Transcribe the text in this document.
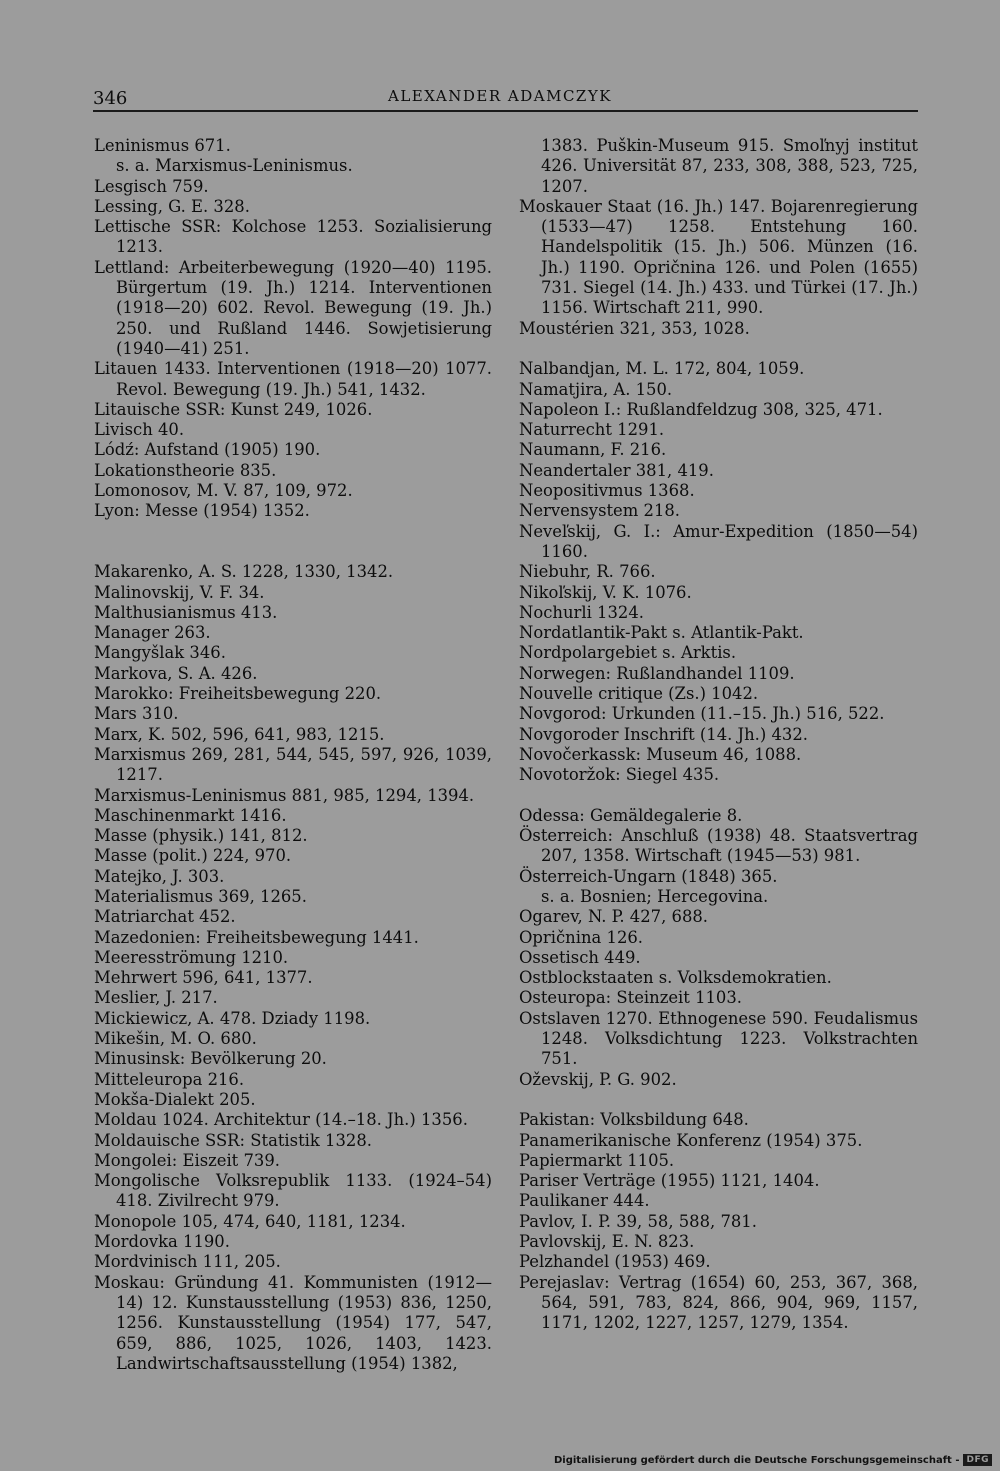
346	ALEXANDER ADAMCZYK
Leninismus 671.
s. a. Marxismus-Leninismus.
Lesgisch 759.
Lessing, G. E. 328.
Lettische SSR: Kolchose 1253. Sozialisierung 1213.
Lettland: Arbeiterbewegung (1920—40) 1195. Bürgertum (19. Jh.) 1214. Interventionen (1918—20) 602. Revol. Bewegung (19. Jh.) 250. und Rußland 1446. Sowjetisierung (1940—41) 251.
Litauen 1433. Interventionen (1918—20) 1077. Revol. Bewegung (19. Jh.) 541, 1432.
Litauische SSR: Kunst 249, 1026.
Livisch 40.
Lódź: Aufstand (1905) 190.
Lokationstheorie 835.
Lomonosov, M. V. 87, 109, 972.
Lyon: Messe (1954) 1352.
Makarenko, A. S. 1228, 1330, 1342.
Malinovskij, V. F. 34.
Malthusianismus 413.
Manager 263.
Mangyšlak 346.
Markova, S. A. 426.
Marokko: Freiheitsbewegung 220.
Mars 310.
Marx, K. 502, 596, 641, 983, 1215.
Marxismus 269, 281, 544, 545, 597, 926, 1039, 1217.
Marxismus-Leninismus 881, 985, 1294, 1394.
Maschinenmarkt 1416.
Masse (physik.) 141, 812.
Masse (polit.) 224, 970.
Matejko, J. 303.
Materialismus 369, 1265.
Matriarchat 452.
Mazedonien: Freiheitsbewegung 1441.
Meeresströmung 1210.
Mehrwert 596, 641, 1377.
Meslier, J. 217.
Mickiewicz, A. 478. Dziady 1198.
Mikešin, M. O. 680.
Minusinsk: Bevölkerung 20.
Mitteleuropa 216.
Mokša-Dialekt 205.
Moldau 1024. Architektur (14.–18. Jh.) 1356.
Moldauische SSR: Statistik 1328.
Mongolei: Eiszeit 739.
Mongolische Volksrepublik 1133. (1924–54) 418. Zivilrecht 979.
Monopole 105, 474, 640, 1181, 1234.
Mordovka 1190.
Mordvinisch 111, 205.
Moskau: Gründung 41. Kommunisten (1912—14) 12. Kunstausstellung (1953) 836, 1250, 1256. Kunstausstellung (1954) 177, 547, 659, 886, 1025, 1026, 1403, 1423. Landwirtschaftsausstellung (1954) 1382,
1383. Puškin-Museum 915. Smoľnyj institut 426. Universität 87, 233, 308, 388, 523, 725, 1207.
Moskauer Staat (16. Jh.) 147. Bojarenregierung (1533—47) 1258. Entstehung 160. Handelspolitik (15. Jh.) 506. Münzen (16. Jh.) 1190. Opričnina 126. und Polen (1655) 731. Siegel (14. Jh.) 433. und Türkei (17. Jh.) 1156. Wirtschaft 211, 990.
Moustérien 321, 353, 1028.
Nalbandjan, M. L. 172, 804, 1059.
Namatjira, A. 150.
Napoleon I.: Rußlandfeldzug 308, 325, 471.
Naturrecht 1291.
Naumann, F. 216.
Neandertaler 381, 419.
Neopositivmus 1368.
Nervensystem 218.
Neveľskij, G. I.: Amur-Expedition (1850—54) 1160.
Niebuhr, R. 766.
Nikoľskij, V. K. 1076.
Nochurli 1324.
Nordatlantik-Pakt s. Atlantik-Pakt.
Nordpolargebiet s. Arktis.
Norwegen: Rußlandhandel 1109.
Nouvelle critique (Zs.) 1042.
Novgorod: Urkunden (11.–15. Jh.) 516, 522.
Novgoroder Inschrift (14. Jh.) 432.
Novočerkassk: Museum 46, 1088.
Novotoržok: Siegel 435.
Odessa: Gemäldegalerie 8.
Österreich: Anschluß (1938) 48. Staatsvertrag 207, 1358. Wirtschaft (1945—53) 981.
Österreich-Ungarn (1848) 365.
s. a. Bosnien; Hercegovina.
Ogarev, N. P. 427, 688.
Opričnina 126.
Ossetisch 449.
Ostblockstaaten s. Volksdemokratien.
Osteuropa: Steinzeit 1103.
Ostslaven 1270. Ethnogenese 590. Feudalismus 1248. Volksdichtung 1223. Volkstrachten 751.
Oževskij, P. G. 902.
Pakistan: Volksbildung 648.
Panamerikanische Konferenz (1954) 375.
Papiermarkt 1105.
Pariser Verträge (1955) 1121, 1404.
Paulikaner 444.
Pavlov, I. P. 39, 58, 588, 781.
Pavlovskij, E. N. 823.
Pelzhandel (1953) 469.
Perejaslav: Vertrag (1654) 60, 253, 367, 368, 564, 591, 783, 824, 866, 904, 969, 1157, 1171, 1202, 1227, 1257, 1279, 1354.
Digitalisierung gefördert durch die Deutsche Forschungsgemeinschaft - DFG
